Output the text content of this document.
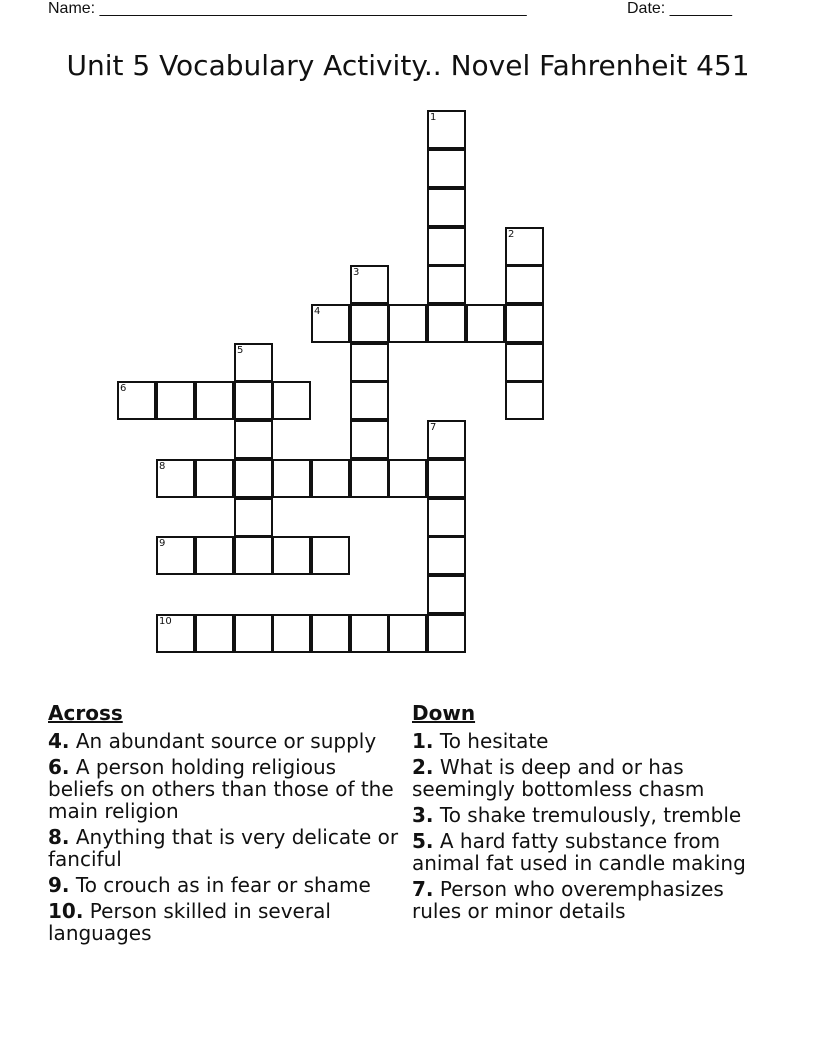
Name: ________________________________________________	Date: _______
Unit 5 Vocabulary Activity.. Novel Fahrenheit 451
1
2
3
4
5
6
7
8
9
10
Across
4. An abundant source or supply
6. A person holding religious beliefs on others than those of the main religion
8. Anything that is very delicate or fanciful
9. To crouch as in fear or shame
10. Person skilled in several languages
Down
1. To hesitate
2. What is deep and or has seemingly bottomless chasm
3. To shake tremulously, tremble
5. A hard fatty substance from animal fat used in candle making
7. Person who overemphasizes rules or minor details
